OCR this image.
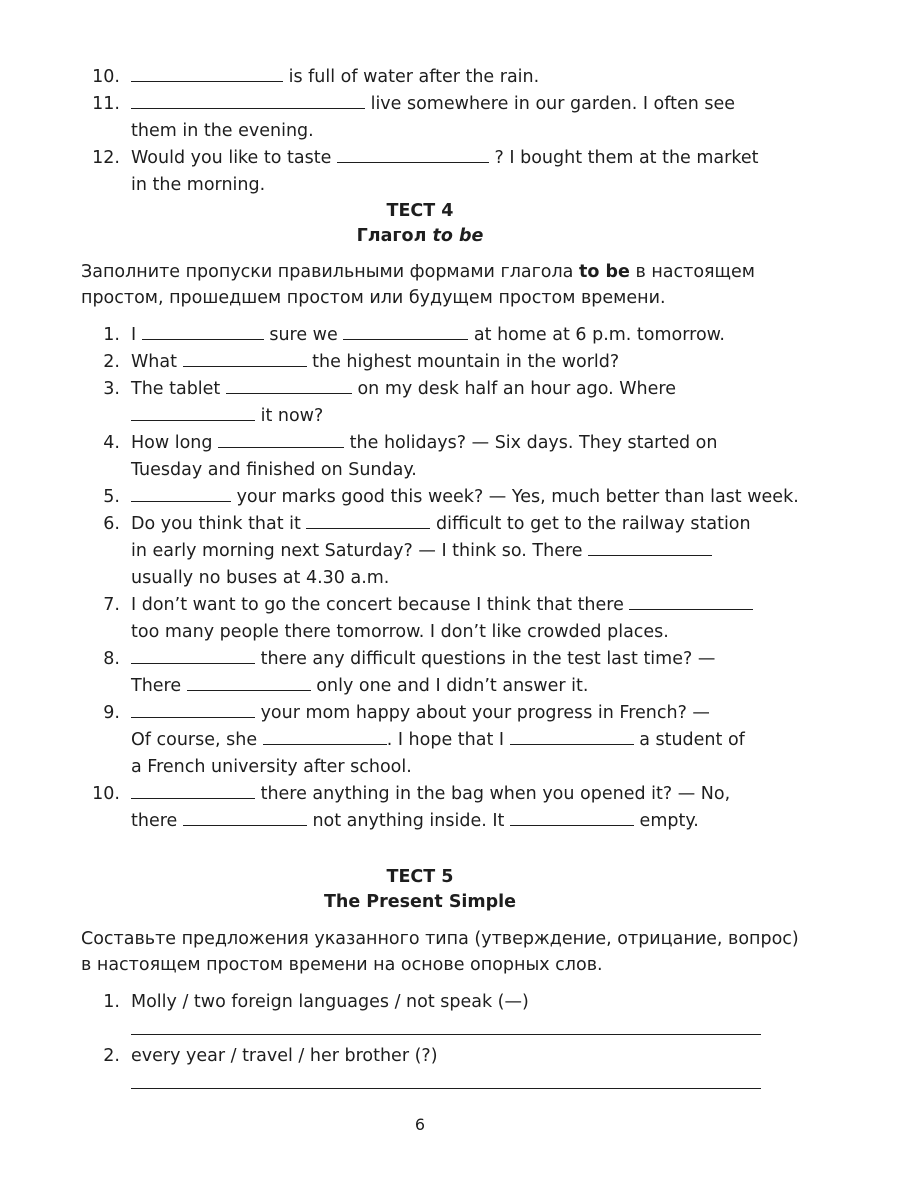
10.	is full of water after the rain.
11.	live somewhere in our garden. I often see
them in the evening.
12. Would you like to taste	? I bought them at the market
in the morning.
ТЕСТ 4
Глагол to be
Заполните пропуски правильными формами глагола to be в настоящем
простом, прошедшем простом или будущем простом времени.
1. I	sure we	at home at 6 p.m. tomorrow.
2. What	the highest mountain in the world?
3. The tablet	on my desk half an hour ago. Where
it now?
4. How long	the holidays? — Six days. They started on
Tuesday and finished on Sunday.
5.	your marks good this week? — Yes, much better than last week.
6. Do you think that it	difficult to get to the railway station
in early morning next Saturday? — I think so. There
usually no buses at 4.30 a.m.
7. I don’t want to go the concert because I think that there
too many people there tomorrow. I don’t like crowded places.
8.	there any difficult questions in the test last time? —
There	only one and I didn’t answer it.
9.	your mom happy about your progress in French? —
Of course, she	. I hope that I	a student of
a French university after school.
10.	there anything in the bag when you opened it? — No,
there	not anything inside. It	empty.
ТЕСТ 5
The Present Simple
Составьте предложения указанного типа (утверждение, отрицание, вопрос)
в настоящем простом времени на основе опорных слов.
1. Molly / two foreign languages / not speak (—)
2. every year / travel / her brother (?)
6
